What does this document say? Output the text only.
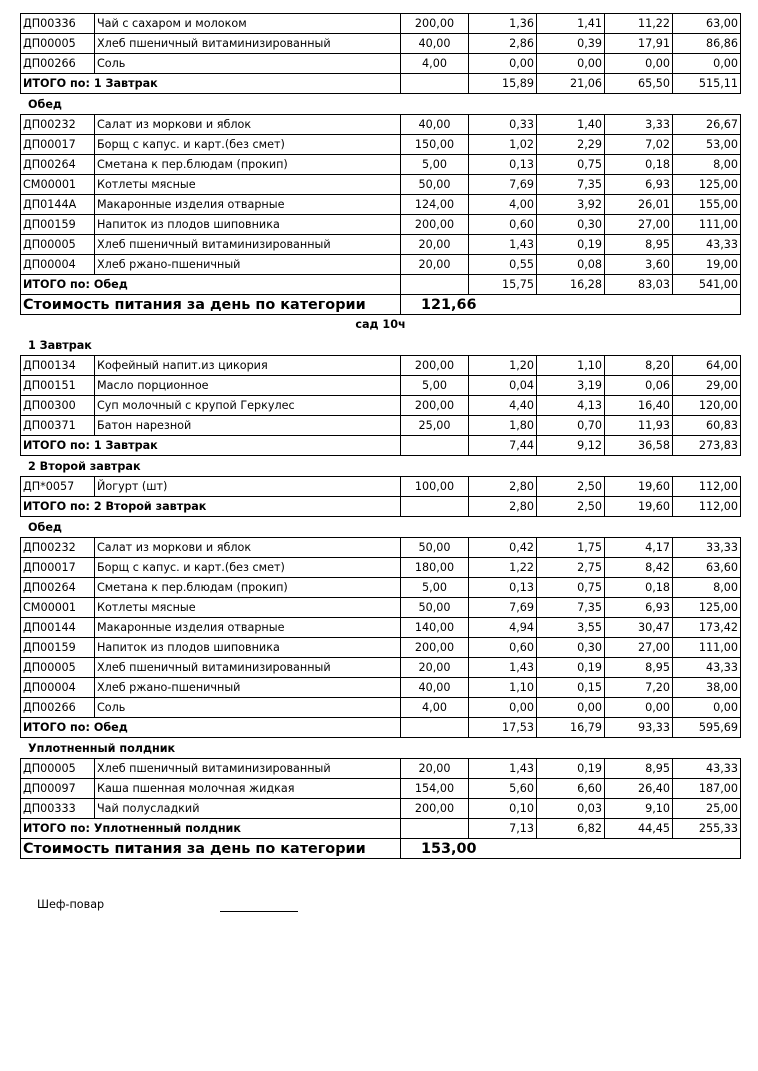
ДП00336	Чай с сахаром и молоком	200,00	1,36	1,41	11,22	63,00
ДП00005	Хлеб пшеничный витаминизированный	40,00	2,86	0,39	17,91	86,86
ДП00266	Соль	4,00	0,00	0,00	0,00	0,00
ИТОГО по: 1 Завтрак			15,89	21,06	65,50	515,11
Обед
ДП00232	Салат из моркови и яблок	40,00	0,33	1,40	3,33	26,67
ДП00017	Борщ с капус. и карт.(без смет)	150,00	1,02	2,29	7,02	53,00
ДП00264	Сметана к пер.блюдам (прокип)	5,00	0,13	0,75	0,18	8,00
СМ00001	Котлеты мясные	50,00	7,69	7,35	6,93	125,00
ДП0144А	Макаронные изделия отварные	124,00	4,00	3,92	26,01	155,00
ДП00159	Напиток из плодов шиповника	200,00	0,60	0,30	27,00	111,00
ДП00005	Хлеб пшеничный витаминизированный	20,00	1,43	0,19	8,95	43,33
ДП00004	Хлеб ржано-пшеничный	20,00	0,55	0,08	3,60	19,00
ИТОГО по: Обед			15,75	16,28	83,03	541,00
Стоимость питания за день по категории		121,66				
сад 10ч
1 Завтрак
ДП00134	Кофейный напит.из цикория	200,00	1,20	1,10	8,20	64,00
ДП00151	Масло порционное	5,00	0,04	3,19	0,06	29,00
ДП00300	Суп молочный с крупой Геркулес	200,00	4,40	4,13	16,40	120,00
ДП00371	Батон нарезной	25,00	1,80	0,70	11,93	60,83
ИТОГО по: 1 Завтрак			7,44	9,12	36,58	273,83
2 Второй завтрак
ДП*0057	Йогурт (шт)	100,00	2,80	2,50	19,60	112,00
ИТОГО по: 2 Второй завтрак			2,80	2,50	19,60	112,00
Обед
ДП00232	Салат из моркови и яблок	50,00	0,42	1,75	4,17	33,33
ДП00017	Борщ с капус. и карт.(без смет)	180,00	1,22	2,75	8,42	63,60
ДП00264	Сметана к пер.блюдам (прокип)	5,00	0,13	0,75	0,18	8,00
СМ00001	Котлеты мясные	50,00	7,69	7,35	6,93	125,00
ДП00144	Макаронные изделия отварные	140,00	4,94	3,55	30,47	173,42
ДП00159	Напиток из плодов шиповника	200,00	0,60	0,30	27,00	111,00
ДП00005	Хлеб пшеничный витаминизированный	20,00	1,43	0,19	8,95	43,33
ДП00004	Хлеб ржано-пшеничный	40,00	1,10	0,15	7,20	38,00
ДП00266	Соль	4,00	0,00	0,00	0,00	0,00
ИТОГО по: Обед			17,53	16,79	93,33	595,69
Уплотненный полдник
ДП00005	Хлеб пшеничный витаминизированный	20,00	1,43	0,19	8,95	43,33
ДП00097	Каша пшенная молочная жидкая	154,00	5,60	6,60	26,40	187,00
ДП00333	Чай полусладкий	200,00	0,10	0,03	9,10	25,00
ИТОГО по: Уплотненный полдник			7,13	6,82	44,45	255,33
Стоимость питания за день по категории		153,00				
Шеф-повар
